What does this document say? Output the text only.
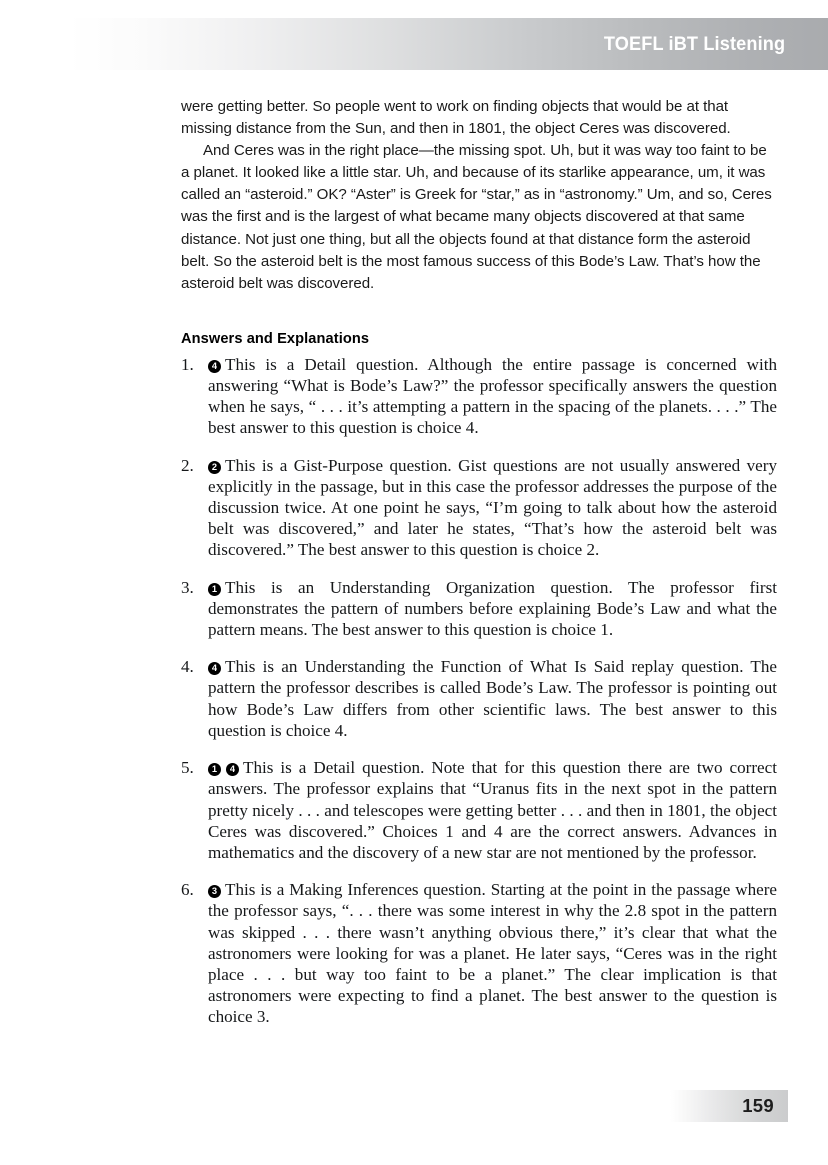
TOEFL iBT Listening

were getting better. So people went to work on finding objects that would be at that missing distance from the Sun, and then in 1801, the object Ceres was discovered.

And Ceres was in the right place—the missing spot. Uh, but it was way too faint to be a planet. It looked like a little star. Uh, and because of its starlike appearance, um, it was called an “asteroid.” OK? “Aster” is Greek for “star,” as in “astronomy.” Um, and so, Ceres was the first and is the largest of what became many objects discovered at that same distance. Not just one thing, but all the objects found at that distance form the asteroid belt. So the asteroid belt is the most famous success of this Bode’s Law. That’s how the asteroid belt was discovered.

Answers and Explanations
1.	4 This is a Detail question. Although the entire passage is concerned with answering “What is Bode’s Law?” the professor specifically answers the question when he says, “ . . . it’s attempting a pattern in the spacing of the planets. . . .” The best answer to this question is choice 4.
2.	2 This is a Gist-Purpose question. Gist questions are not usually answered very explicitly in the passage, but in this case the professor addresses the purpose of the discussion twice. At one point he says, “I’m going to talk about how the asteroid belt was discovered,” and later he states, “That’s how the asteroid belt was discovered.” The best answer to this question is choice 2.
3.	1 This is an Understanding Organization question. The professor first demonstrates the pattern of numbers before explaining Bode’s Law and what the pattern means. The best answer to this question is choice 1.
4.	4 This is an Understanding the Function of What Is Said replay question. The pattern the professor describes is called Bode’s Law. The professor is pointing out how Bode’s Law differs from other scientific laws. The best answer to this question is choice 4.
5.	1 4 This is a Detail question. Note that for this question there are two correct answers. The professor explains that “Uranus fits in the next spot in the pattern pretty nicely . . . and telescopes were getting better . . . and then in 1801, the object Ceres was discovered.” Choices 1 and 4 are the correct answers. Advances in mathematics and the discovery of a new star are not mentioned by the professor.
6.	3 This is a Making Inferences question. Starting at the point in the passage where the professor says, “. . . there was some interest in why the 2.8 spot in the pattern was skipped . . . there wasn’t anything obvious there,” it’s clear that what the astronomers were looking for was a planet. He later says, “Ceres was in the right place . . . but way too faint to be a planet.” The clear implication is that astronomers were expecting to find a planet. The best answer to the question is choice 3.
159
